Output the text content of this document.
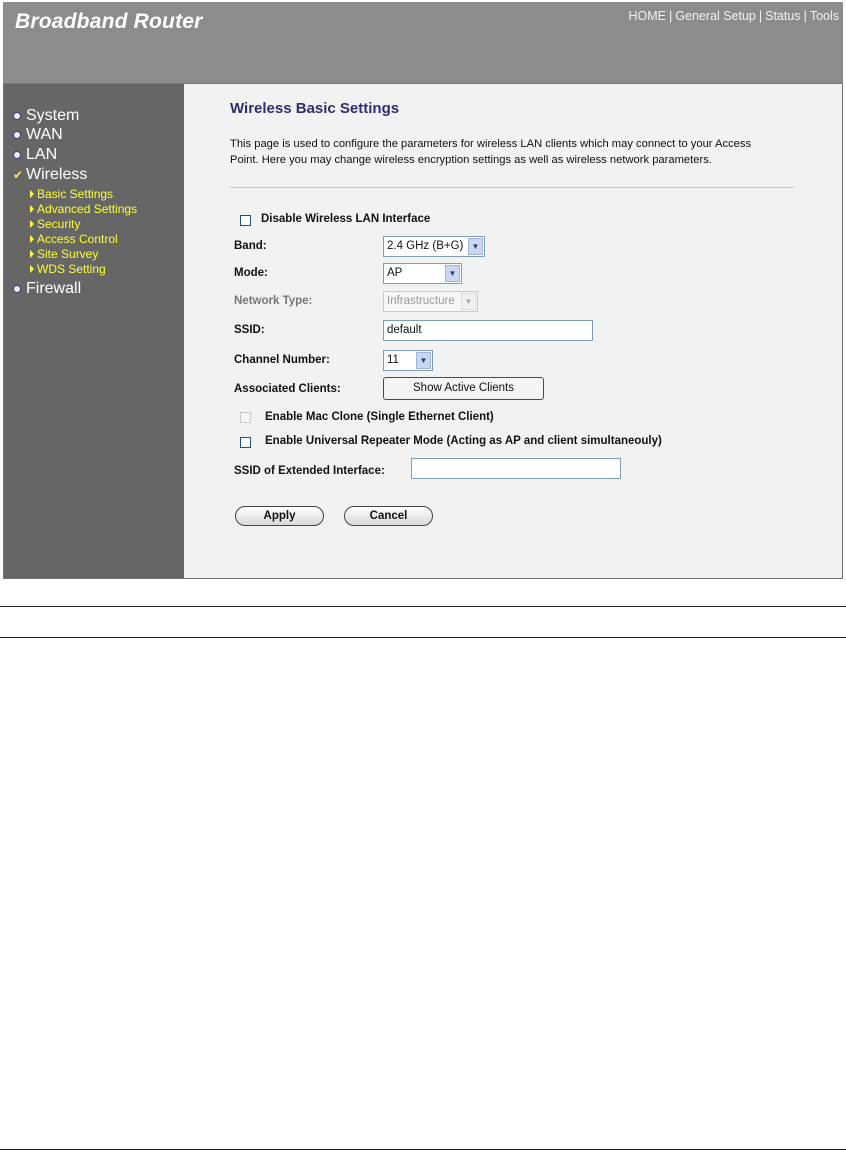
Broadband Router	HOME | General Setup | Status | Tools
System
WAN
LAN
✔ Wireless
Basic Settings
Advanced Settings
Security
Access Control
Site Survey
WDS Setting
Firewall
Wireless Basic Settings
This page is used to configure the parameters for wireless LAN clients which may connect to your Access Point. Here you may change wireless encryption settings as well as wireless network parameters.
Disable Wireless LAN Interface
Band:	2.4 GHz (B+G)	▼
Mode:	AP	▼
Network Type:	Infrastructure	▼
SSID:	default
Channel Number:	11	▼
Associated Clients:	Show Active Clients
Enable Mac Clone (Single Ethernet Client)
Enable Universal Repeater Mode (Acting as AP and client simultaneouly)
SSID of Extended Interface:
Apply	Cancel
